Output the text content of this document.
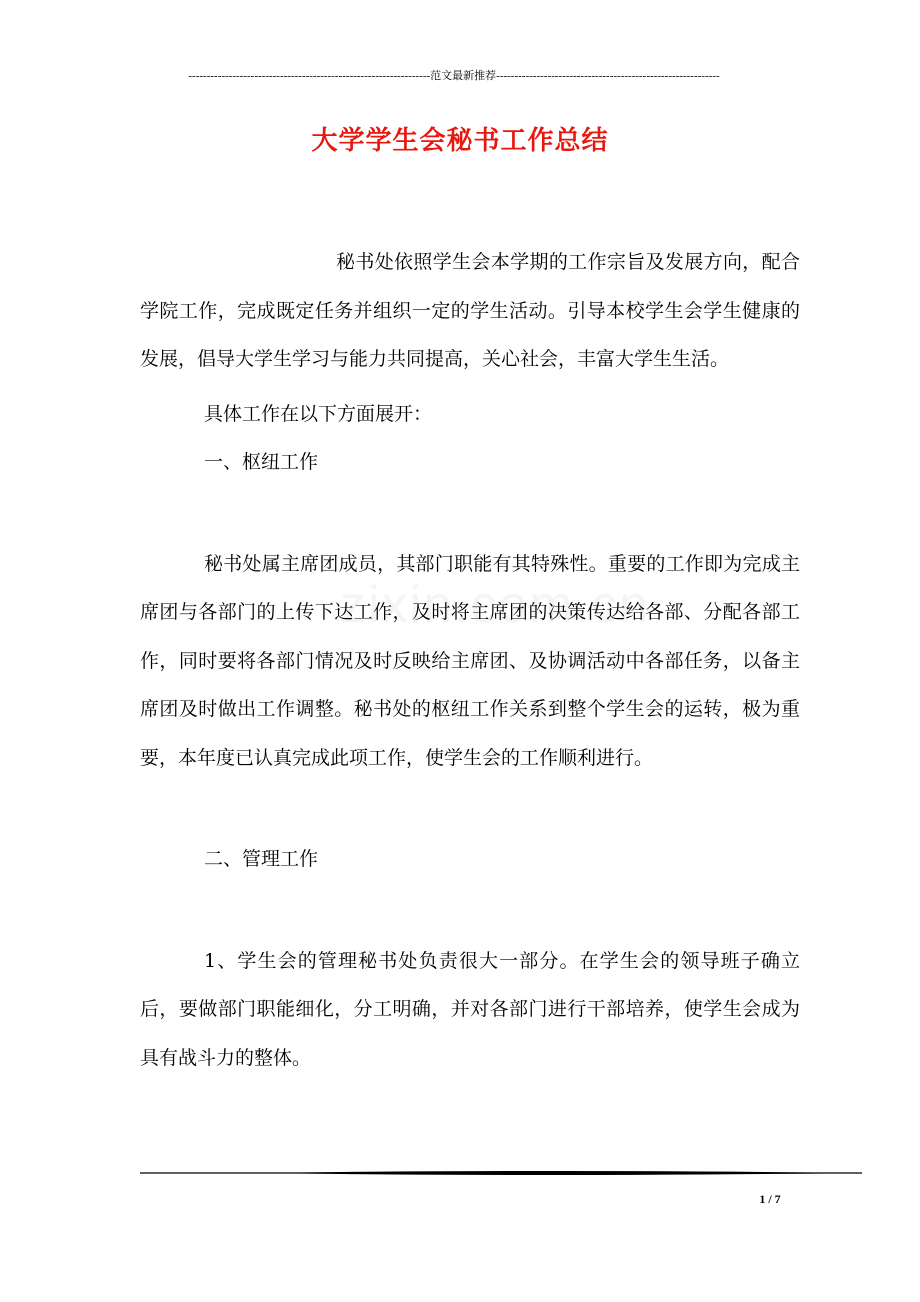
------------------------------------------------------------------范文最新推荐-------------------------------------------------------------
大学学生会秘书工作总结

秘书处依照学生会本学期的工作宗旨及发展方向，配合学院工作，完成既定任务并组织一定的学生活动。引导本校学生会学生健康的发展，倡导大学生学习与能力共同提高，关心社会，丰富大学生生活。

具体工作在以下方面展开：

一、枢纽工作

秘书处属主席团成员，其部门职能有其特殊性。重要的工作即为完成主席团与各部门的上传下达工作，及时将主席团的决策传达给各部、分配各部工作，同时要将各部门情况及时反映给主席团、及协调活动中各部任务，以备主席团及时做出工作调整。秘书处的枢纽工作关系到整个学生会的运转，极为重要，本年度已认真完成此项工作，使学生会的工作顺利进行。

二、管理工作

1、学生会的管理秘书处负责很大一部分。在学生会的领导班子确立后，要做部门职能细化，分工明确，并对各部门进行干部培养，使学生会成为具有战斗力的整体。

1 / 7
